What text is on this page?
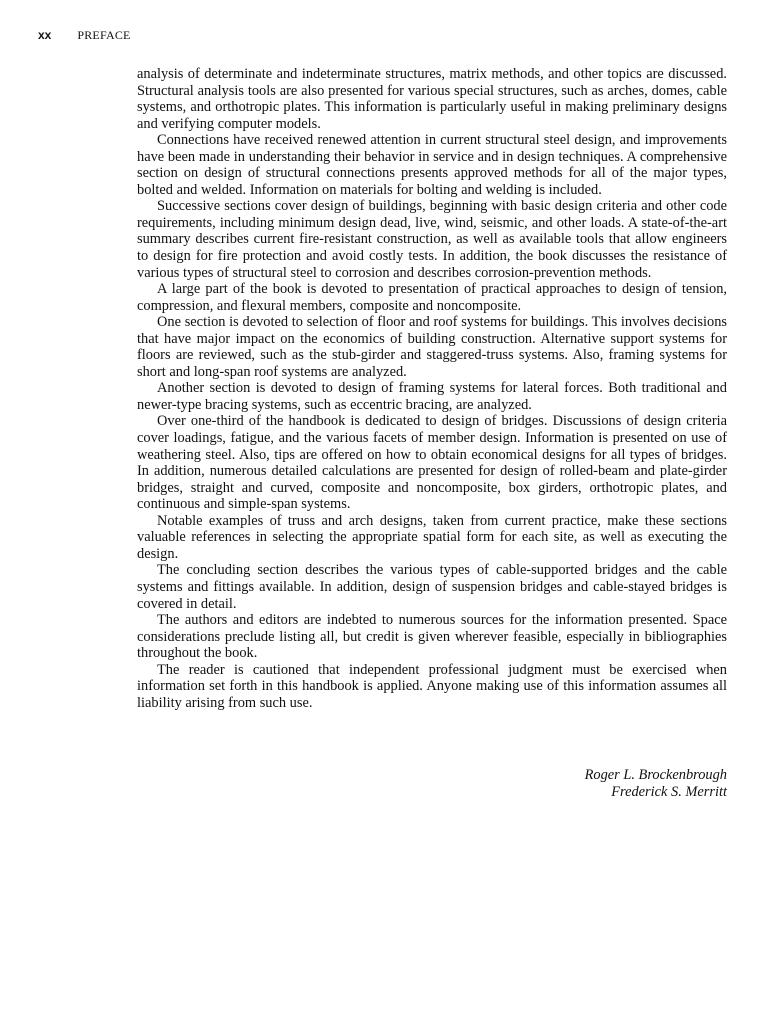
xx PREFACE

analysis of determinate and indeterminate structures, matrix methods, and other topics are discussed. Structural analysis tools are also presented for various special structures, such as arches, domes, cable systems, and orthotropic plates. This information is particularly useful in making preliminary designs and verifying computer models.

Connections have received renewed attention in current structural steel design, and improvements have been made in understanding their behavior in service and in design techniques. A comprehensive section on design of structural connections presents approved methods for all of the major types, bolted and welded. Information on materials for bolting and welding is included.

Successive sections cover design of buildings, beginning with basic design criteria and other code requirements, including minimum design dead, live, wind, seismic, and other loads. A state-of-the-art summary describes current fire-resistant construction, as well as available tools that allow engineers to design for fire protection and avoid costly tests. In addition, the book discusses the resistance of various types of structural steel to corrosion and describes corrosion-prevention methods.

A large part of the book is devoted to presentation of practical approaches to design of tension, compression, and flexural members, composite and noncomposite.

One section is devoted to selection of floor and roof systems for buildings. This involves decisions that have major impact on the economics of building construction. Alternative support systems for floors are reviewed, such as the stub-girder and staggered-truss systems. Also, framing systems for short and long-span roof systems are analyzed.

Another section is devoted to design of framing systems for lateral forces. Both traditional and newer-type bracing systems, such as eccentric bracing, are analyzed.

Over one-third of the handbook is dedicated to design of bridges. Discussions of design criteria cover loadings, fatigue, and the various facets of member design. Information is presented on use of weathering steel. Also, tips are offered on how to obtain economical designs for all types of bridges. In addition, numerous detailed calculations are presented for design of rolled-beam and plate-girder bridges, straight and curved, composite and noncomposite, box girders, orthotropic plates, and continuous and simple-span systems.

Notable examples of truss and arch designs, taken from current practice, make these sections valuable references in selecting the appropriate spatial form for each site, as well as executing the design.

The concluding section describes the various types of cable-supported bridges and the cable systems and fittings available. In addition, design of suspension bridges and cable-stayed bridges is covered in detail.

The authors and editors are indebted to numerous sources for the information presented. Space considerations preclude listing all, but credit is given wherever feasible, especially in bibliographies throughout the book.

The reader is cautioned that independent professional judgment must be exercised when information set forth in this handbook is applied. Anyone making use of this information assumes all liability arising from such use.

Roger L. Brockenbrough
Frederick S. Merritt
